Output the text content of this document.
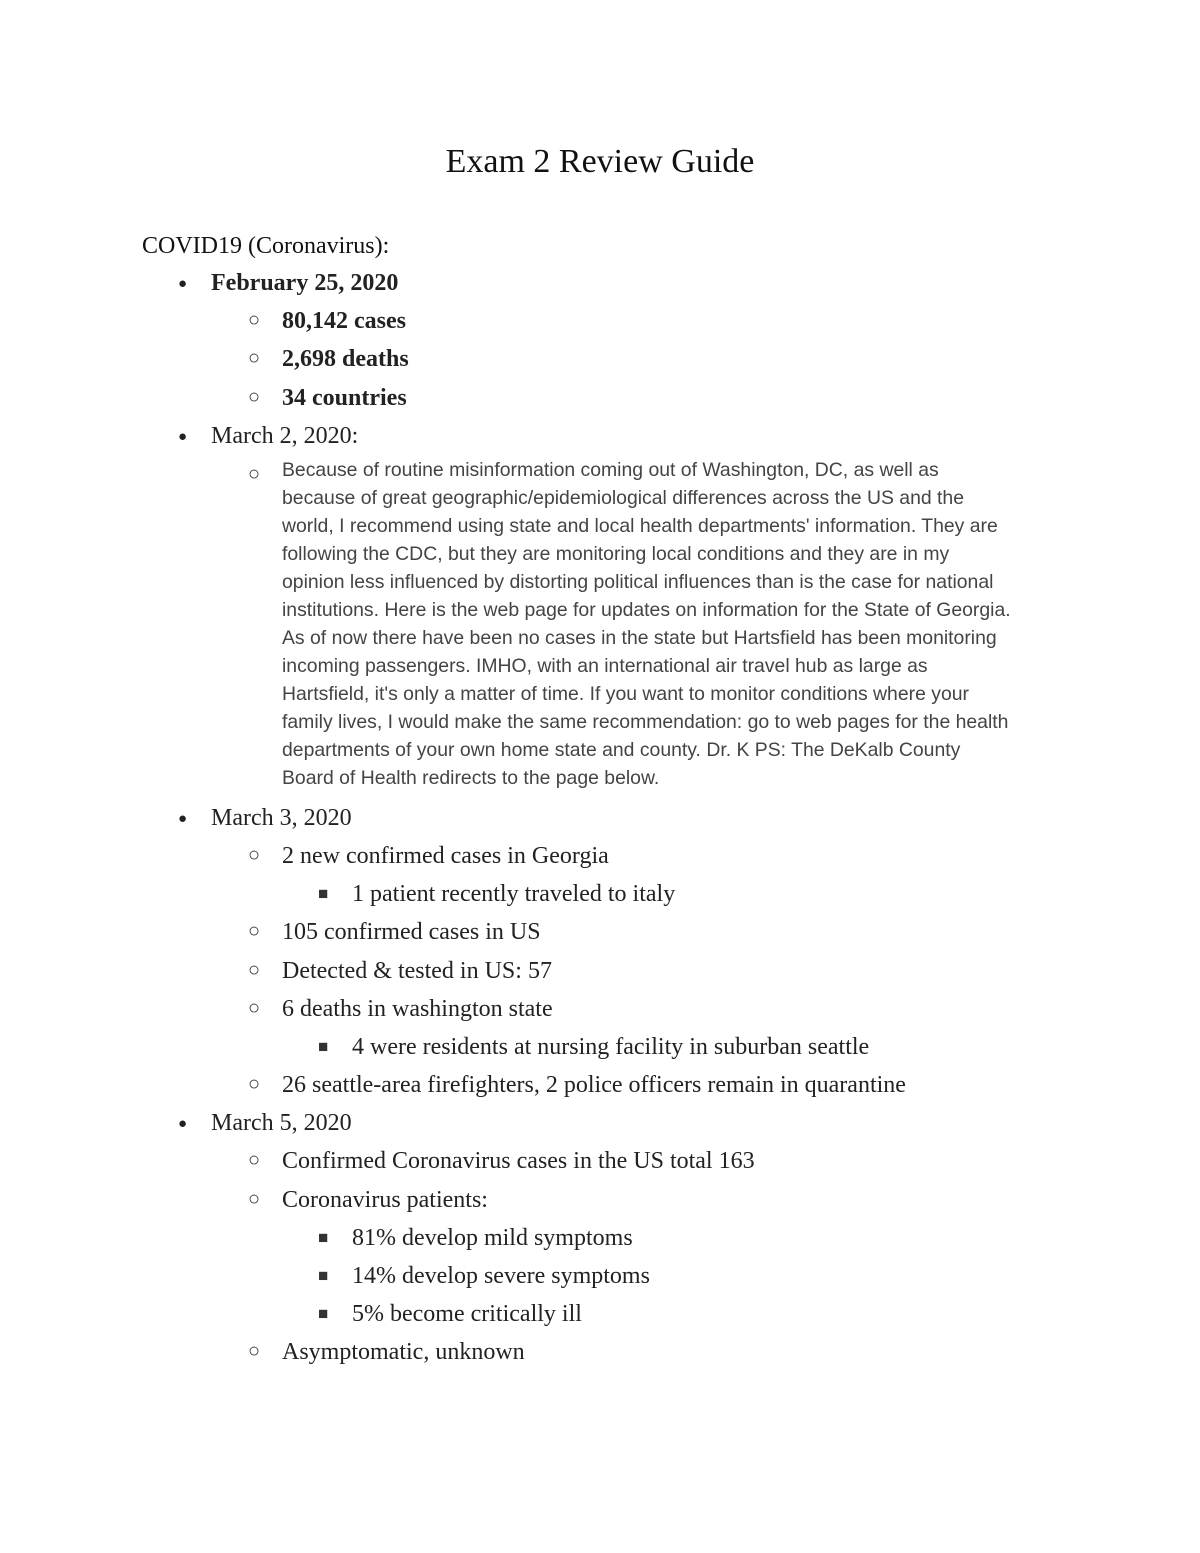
Exam 2 Review Guide
COVID19 (Coronavirus):
● February 25, 2020
○ 80,142 cases
○ 2,698 deaths
○ 34 countries
● March 2, 2020:
○ Because of routine misinformation coming out of Washington, DC, as well as
because of great geographic/epidemiological differences across the US and the
world, I recommend using state and local health departments' information. They are
following the CDC, but they are monitoring local conditions and they are in my
opinion less influenced by distorting political influences than is the case for national
institutions. Here is the web page for updates on information for the State of Georgia.
As of now there have been no cases in the state but Hartsfield has been monitoring
incoming passengers. IMHO, with an international air travel hub as large as
Hartsfield, it's only a matter of time. If you want to monitor conditions where your
family lives, I would make the same recommendation: go to web pages for the health
departments of your own home state and county. Dr. K PS: The DeKalb County
Board of Health redirects to the page below.
● March 3, 2020
○ 2 new confirmed cases in Georgia
■ 1 patient recently traveled to italy
○ 105 confirmed cases in US
○ Detected & tested in US: 57
○ 6 deaths in washington state
■ 4 were residents at nursing facility in suburban seattle
○ 26 seattle-area firefighters, 2 police officers remain in quarantine
● March 5, 2020
○ Confirmed Coronavirus cases in the US total 163
○ Coronavirus patients:
■ 81% develop mild symptoms
■ 14% develop severe symptoms
■ 5% become critically ill
○ Asymptomatic, unknown
